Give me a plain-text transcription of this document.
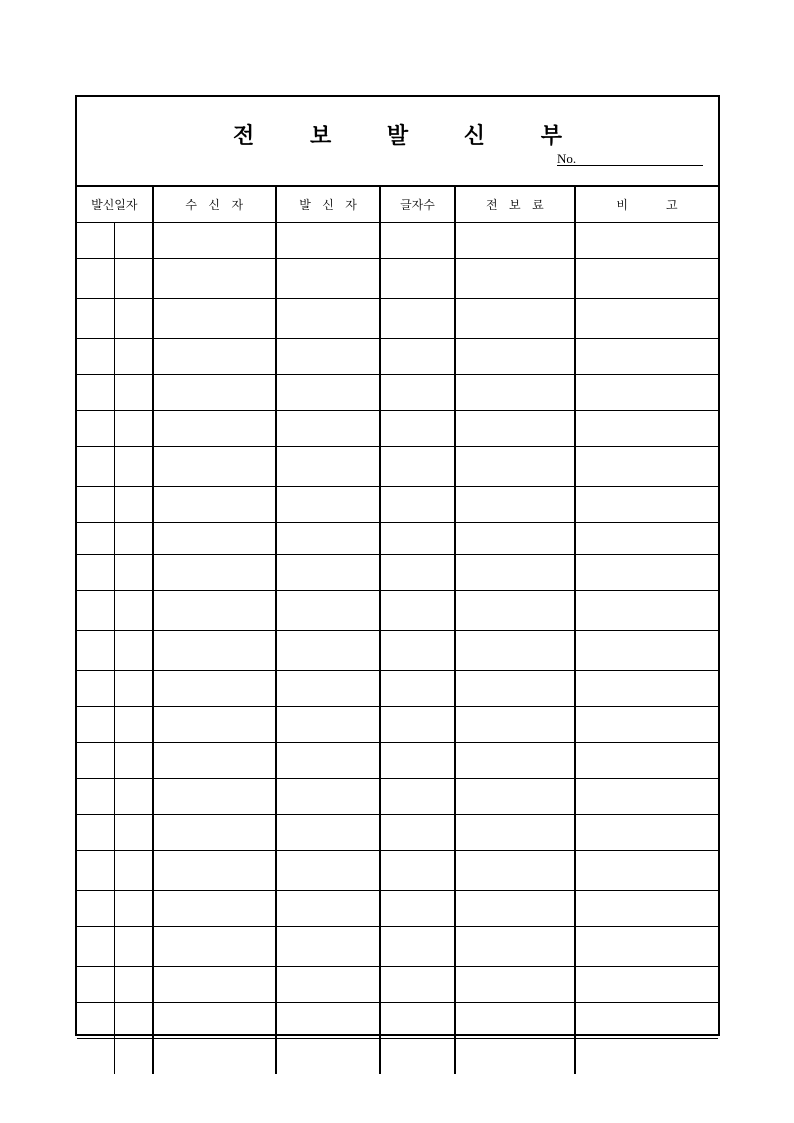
전 보 발 신 부
No.
발신일자		수   신   자	발   신   자	글자수	전   보   료	비          고
